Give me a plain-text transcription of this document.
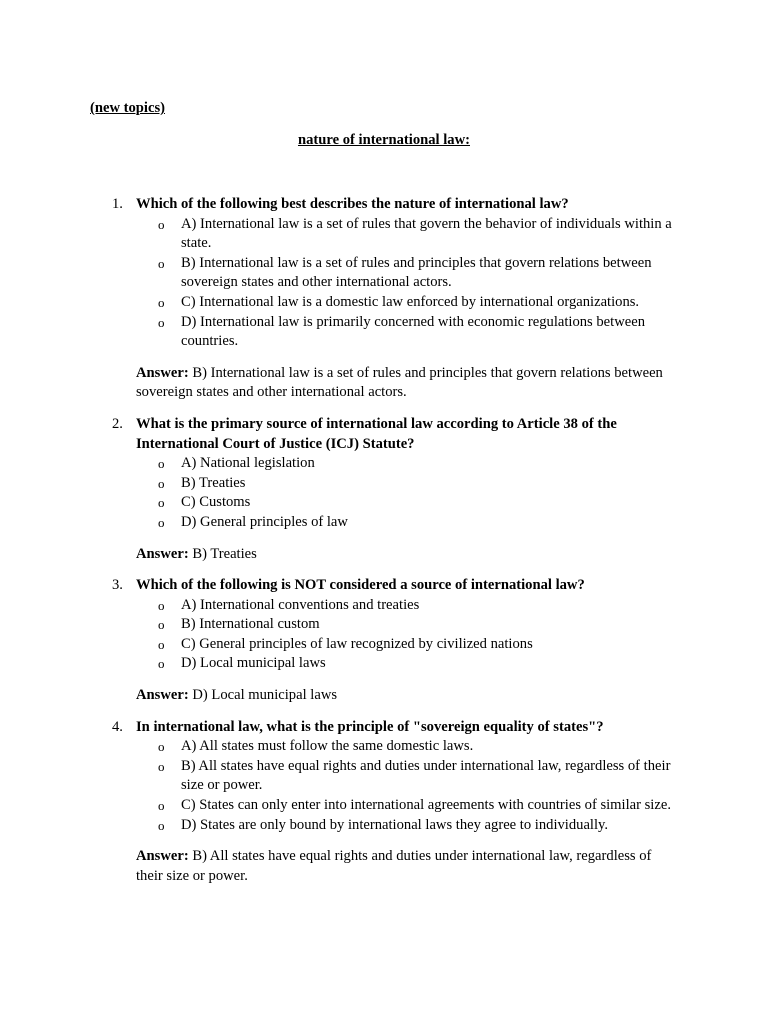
(new topics)
nature of international law:
1. Which of the following best describes the nature of international law?
o A) International law is a set of rules that govern the behavior of individuals within a state.
o B) International law is a set of rules and principles that govern relations between sovereign states and other international actors.
o C) International law is a domestic law enforced by international organizations.
o D) International law is primarily concerned with economic regulations between countries.
Answer: B) International law is a set of rules and principles that govern relations between sovereign states and other international actors.
2. What is the primary source of international law according to Article 38 of the International Court of Justice (ICJ) Statute?
o A) National legislation
o B) Treaties
o C) Customs
o D) General principles of law
Answer: B) Treaties
3. Which of the following is NOT considered a source of international law?
o A) International conventions and treaties
o B) International custom
o C) General principles of law recognized by civilized nations
o D) Local municipal laws
Answer: D) Local municipal laws
4. In international law, what is the principle of "sovereign equality of states"?
o A) All states must follow the same domestic laws.
o B) All states have equal rights and duties under international law, regardless of their size or power.
o C) States can only enter into international agreements with countries of similar size.
o D) States are only bound by international laws they agree to individually.
Answer: B) All states have equal rights and duties under international law, regardless of their size or power.
